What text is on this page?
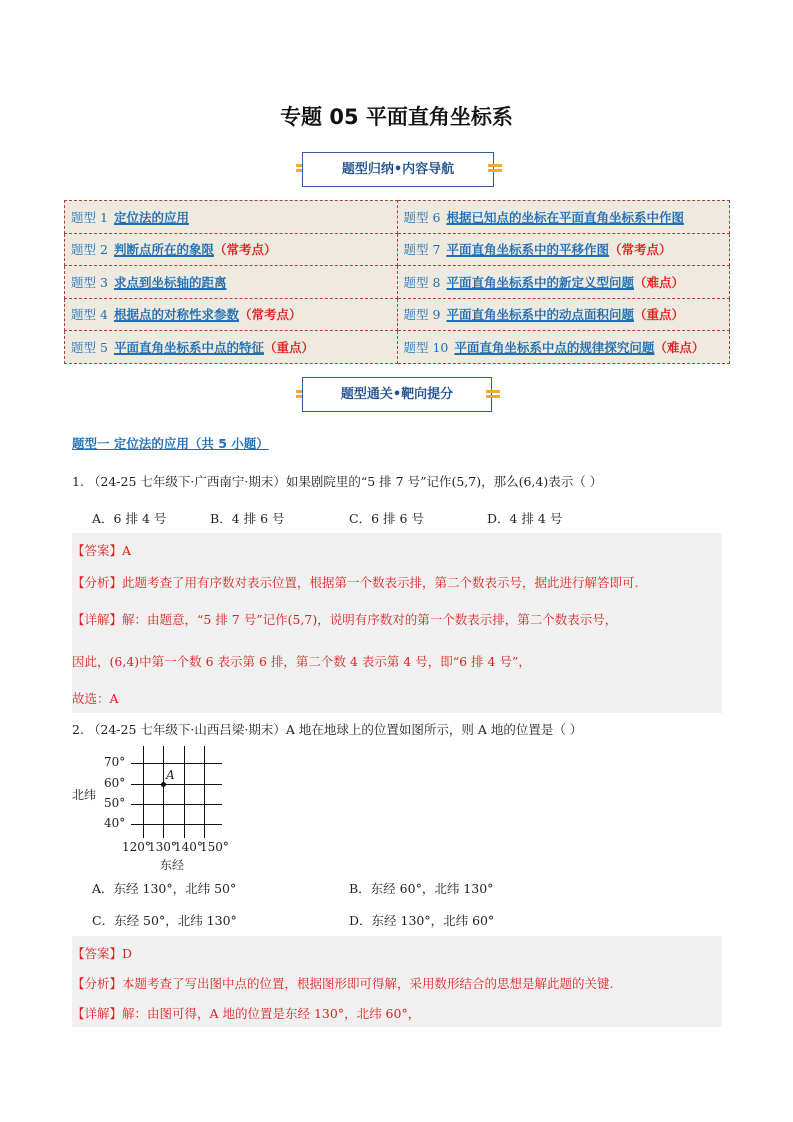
专题 05 平面直角坐标系
题型归纳•内容导航
题型 1 定位法的应用	题型 6 根据已知点的坐标在平面直角坐标系中作图
题型 2 判断点所在的象限（常考点）	题型 7 平面直角坐标系中的平移作图（常考点）
题型 3 求点到坐标轴的距离	题型 8 平面直角坐标系中的新定义型问题（难点）
题型 4 根据点的对称性求参数（常考点）	题型 9 平面直角坐标系中的动点面积问题（重点）
题型 5 平面直角坐标系中点的特征（重点）	题型 10 平面直角坐标系中点的规律探究问题（难点）
题型通关•靶向提分
题型一 定位法的应用（共 5 小题）
1. （24-25 七年级下·广西南宁·期末）如果剧院里的“5 排 7 号”记作(5,7)，那么(6,4)表示（ ）
A．6 排 4 号	B．4 排 6 号	C．6 排 6 号	D．4 排 4 号
【答案】A
【分析】此题考查了用有序数对表示位置，根据第一个数表示排，第二个数表示号，据此进行解答即可.
【详解】解：由题意，“5 排 7 号”记作(5,7)，说明有序数对的第一个数表示排，第二个数表示号，
因此，(6,4)中第一个数 6 表示第 6 排，第二个数 4 表示第 4 号，即“6 排 4 号”，
故选：A
2. （24-25 七年级下·山西吕梁·期末）A 地在地球上的位置如图所示，则 A 地的位置是（ ）
A
70°
60°
50°
40°
北纬
120°
130°
140°
150°
东经
A．东经 130°，北纬 50°	B．东经 60°，北纬 130°
C．东经 50°，北纬 130°	D．东经 130°，北纬 60°
【答案】D
【分析】本题考查了写出图中点的位置，根据图形即可得解，采用数形结合的思想是解此题的关键.
【详解】解：由图可得，A 地的位置是东经 130°，北纬 60°，
